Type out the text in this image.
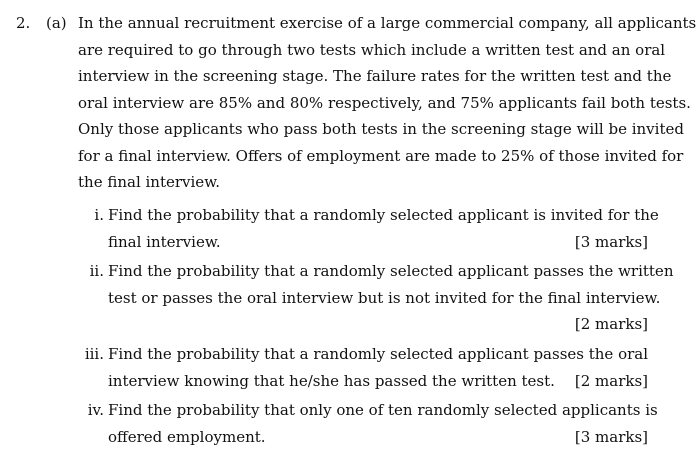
2. (a) In the annual recruitment exercise of a large commercial company, all applicants
are required to go through two tests which include a written test and an oral
interview in the screening stage. The failure rates for the written test and the
oral interview are 85% and 80% respectively, and 75% applicants fail both tests.
Only those applicants who pass both tests in the screening stage will be invited
for a final interview. Offers of employment are made to 25% of those invited for
the final interview.
i. Find the probability that a randomly selected applicant is invited for the
final interview.	[3 marks]
ii. Find the probability that a randomly selected applicant passes the written
test or passes the oral interview but is not invited for the final interview.
[2 marks]
iii. Find the probability that a randomly selected applicant passes the oral
interview knowing that he/she has passed the written test. [2 marks]
iv. Find the probability that only one of ten randomly selected applicants is
offered employment.	[3 marks]
